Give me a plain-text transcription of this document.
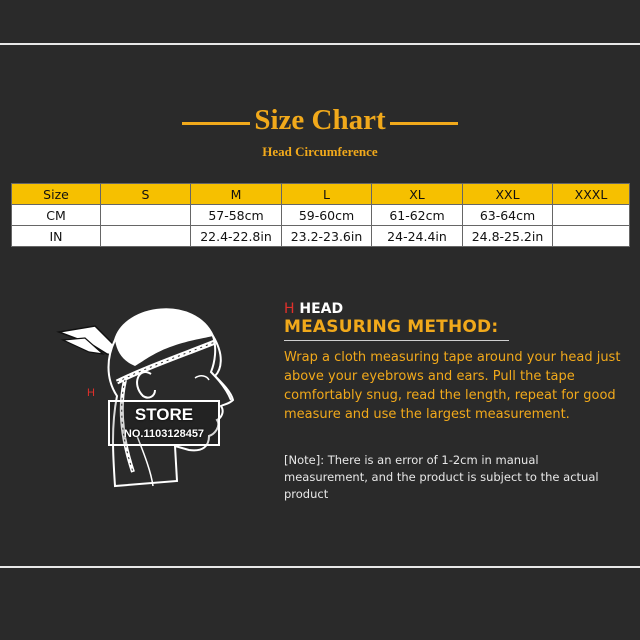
Size Chart
Head Circumference
Size	S	M	L	XL	XXL	XXXL
CM		57-58cm	59-60cm	61-62cm	63-64cm	
IN		22.4-22.8in	23.2-23.6in	24-24.4in	24.8-25.2in	
H
STORE
NO.1103128457
H HEAD
MEASURING METHOD:
Wrap a cloth measuring tape around your head just above your eyebrows and ears. Pull the tape comfortably snug, read the length, repeat for good measure and use the largest measurement.
[Note]: There is an error of 1-2cm in manual measurement, and the product is subject to the actual product
